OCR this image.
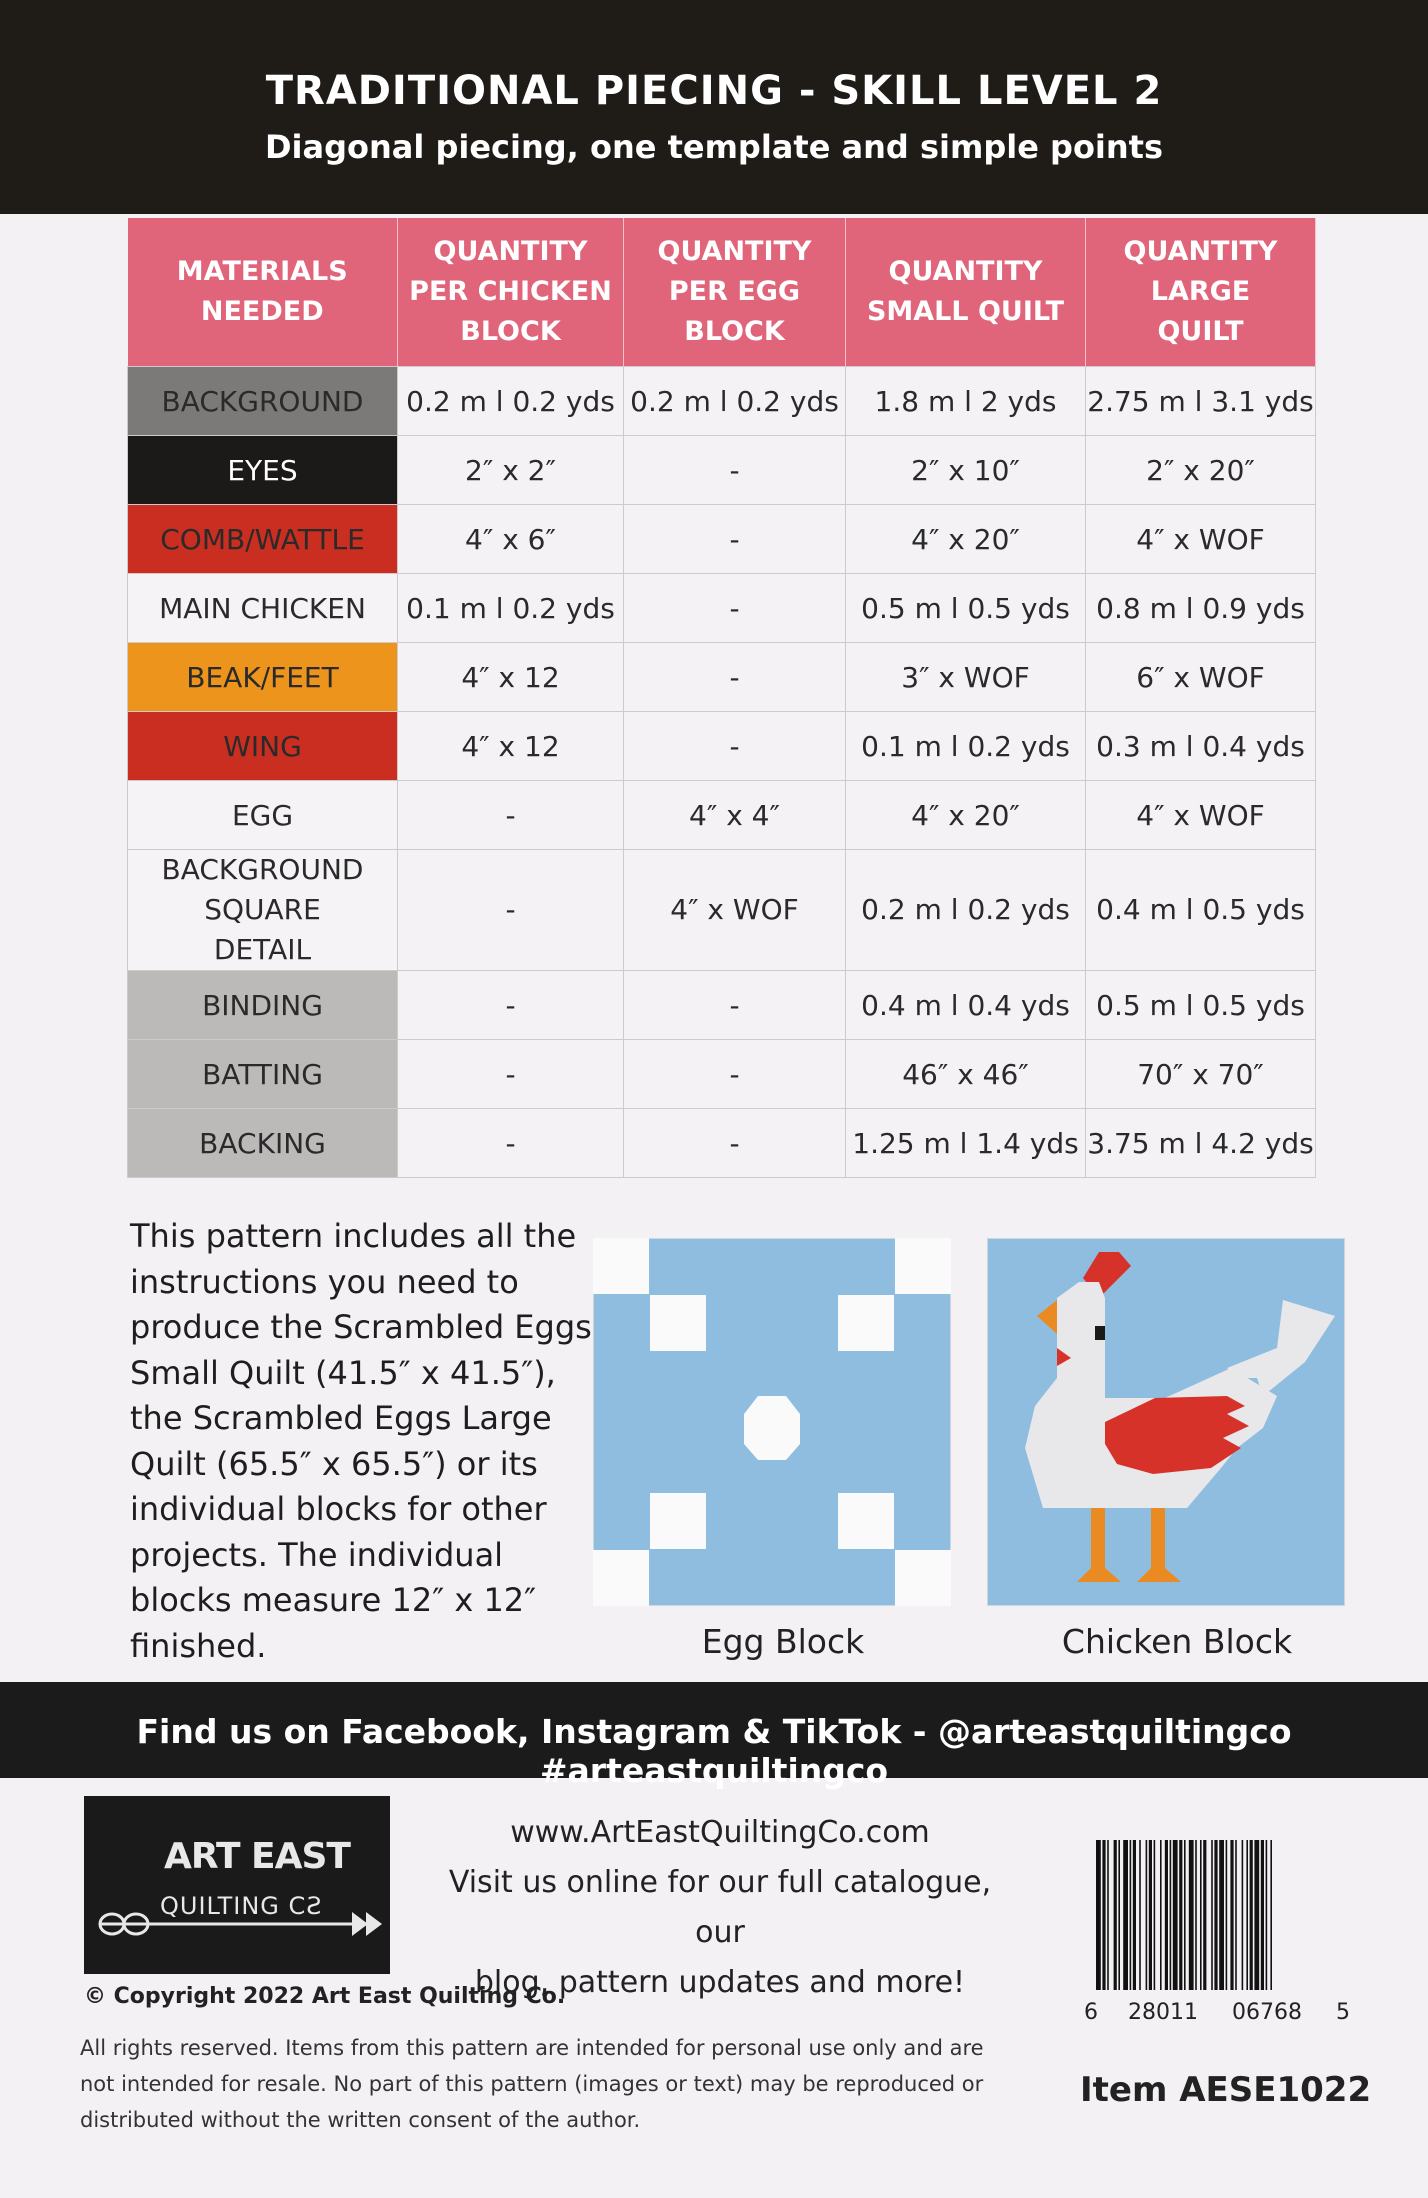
TRADITIONAL PIECING - SKILL LEVEL 2
Diagonal piecing, one template and simple points
MATERIALS NEEDED	QUANTITY PER CHICKEN BLOCK	QUANTITY PER EGG BLOCK	QUANTITY SMALL QUILT	QUANTITY LARGE QUILT

BACKGROUND	0.2 m l 0.2 yds	0.2 m l 0.2 yds	1.8 m l 2 yds	2.75 m l 3.1 yds
EYES	2″ x 2″	-	2″ x 10″	2″ x 20″
COMB/WATTLE	4″ x 6″	-	4″ x 20″	4″ x WOF
MAIN CHICKEN	0.1 m l 0.2 yds	-	0.5 m l 0.5 yds	0.8 m l 0.9 yds
BEAK/FEET	4″ x 12	-	3″ x WOF	6″ x WOF
WING	4″ x 12	-	0.1 m l 0.2 yds	0.3 m l 0.4 yds
EGG	-	4″ x 4″	4″ x 20″	4″ x WOF
BACKGROUND SQUARE DETAIL	-	4″ x WOF	0.2 m l 0.2 yds	0.4 m l 0.5 yds
BINDING	-	-	0.4 m l 0.4 yds	0.5 m l 0.5 yds
BATTING	-	-	46″ x 46″	70″ x 70″
BACKING	-	-	1.25 m l 1.4 yds	3.75 m l 4.2 yds
This pattern includes all the instructions you need to produce the Scrambled Eggs Small Quilt (41.5″ x 41.5″), the Scrambled Eggs Large Quilt (65.5″ x 65.5″) or its individual blocks for other projects. The individual blocks measure 12″ x 12″ finished.	Egg Block	Chicken Block
Find us on Facebook, Instagram & TikTok - @arteastquiltingco #arteastquiltingco
ART EAST
QUILTING CƧ
www.ArtEastQuiltingCo.com
Visit us online for our full catalogue, our
blog, pattern updates and more!
© Copyright 2022 Art East Quilting Co.
All rights reserved. Items from this pattern are intended for personal use only and are not intended for resale. No part of this pattern (images or text) may be reproduced or distributed without the written consent of the author.
6 28011 06768 5
Item AESE1022
